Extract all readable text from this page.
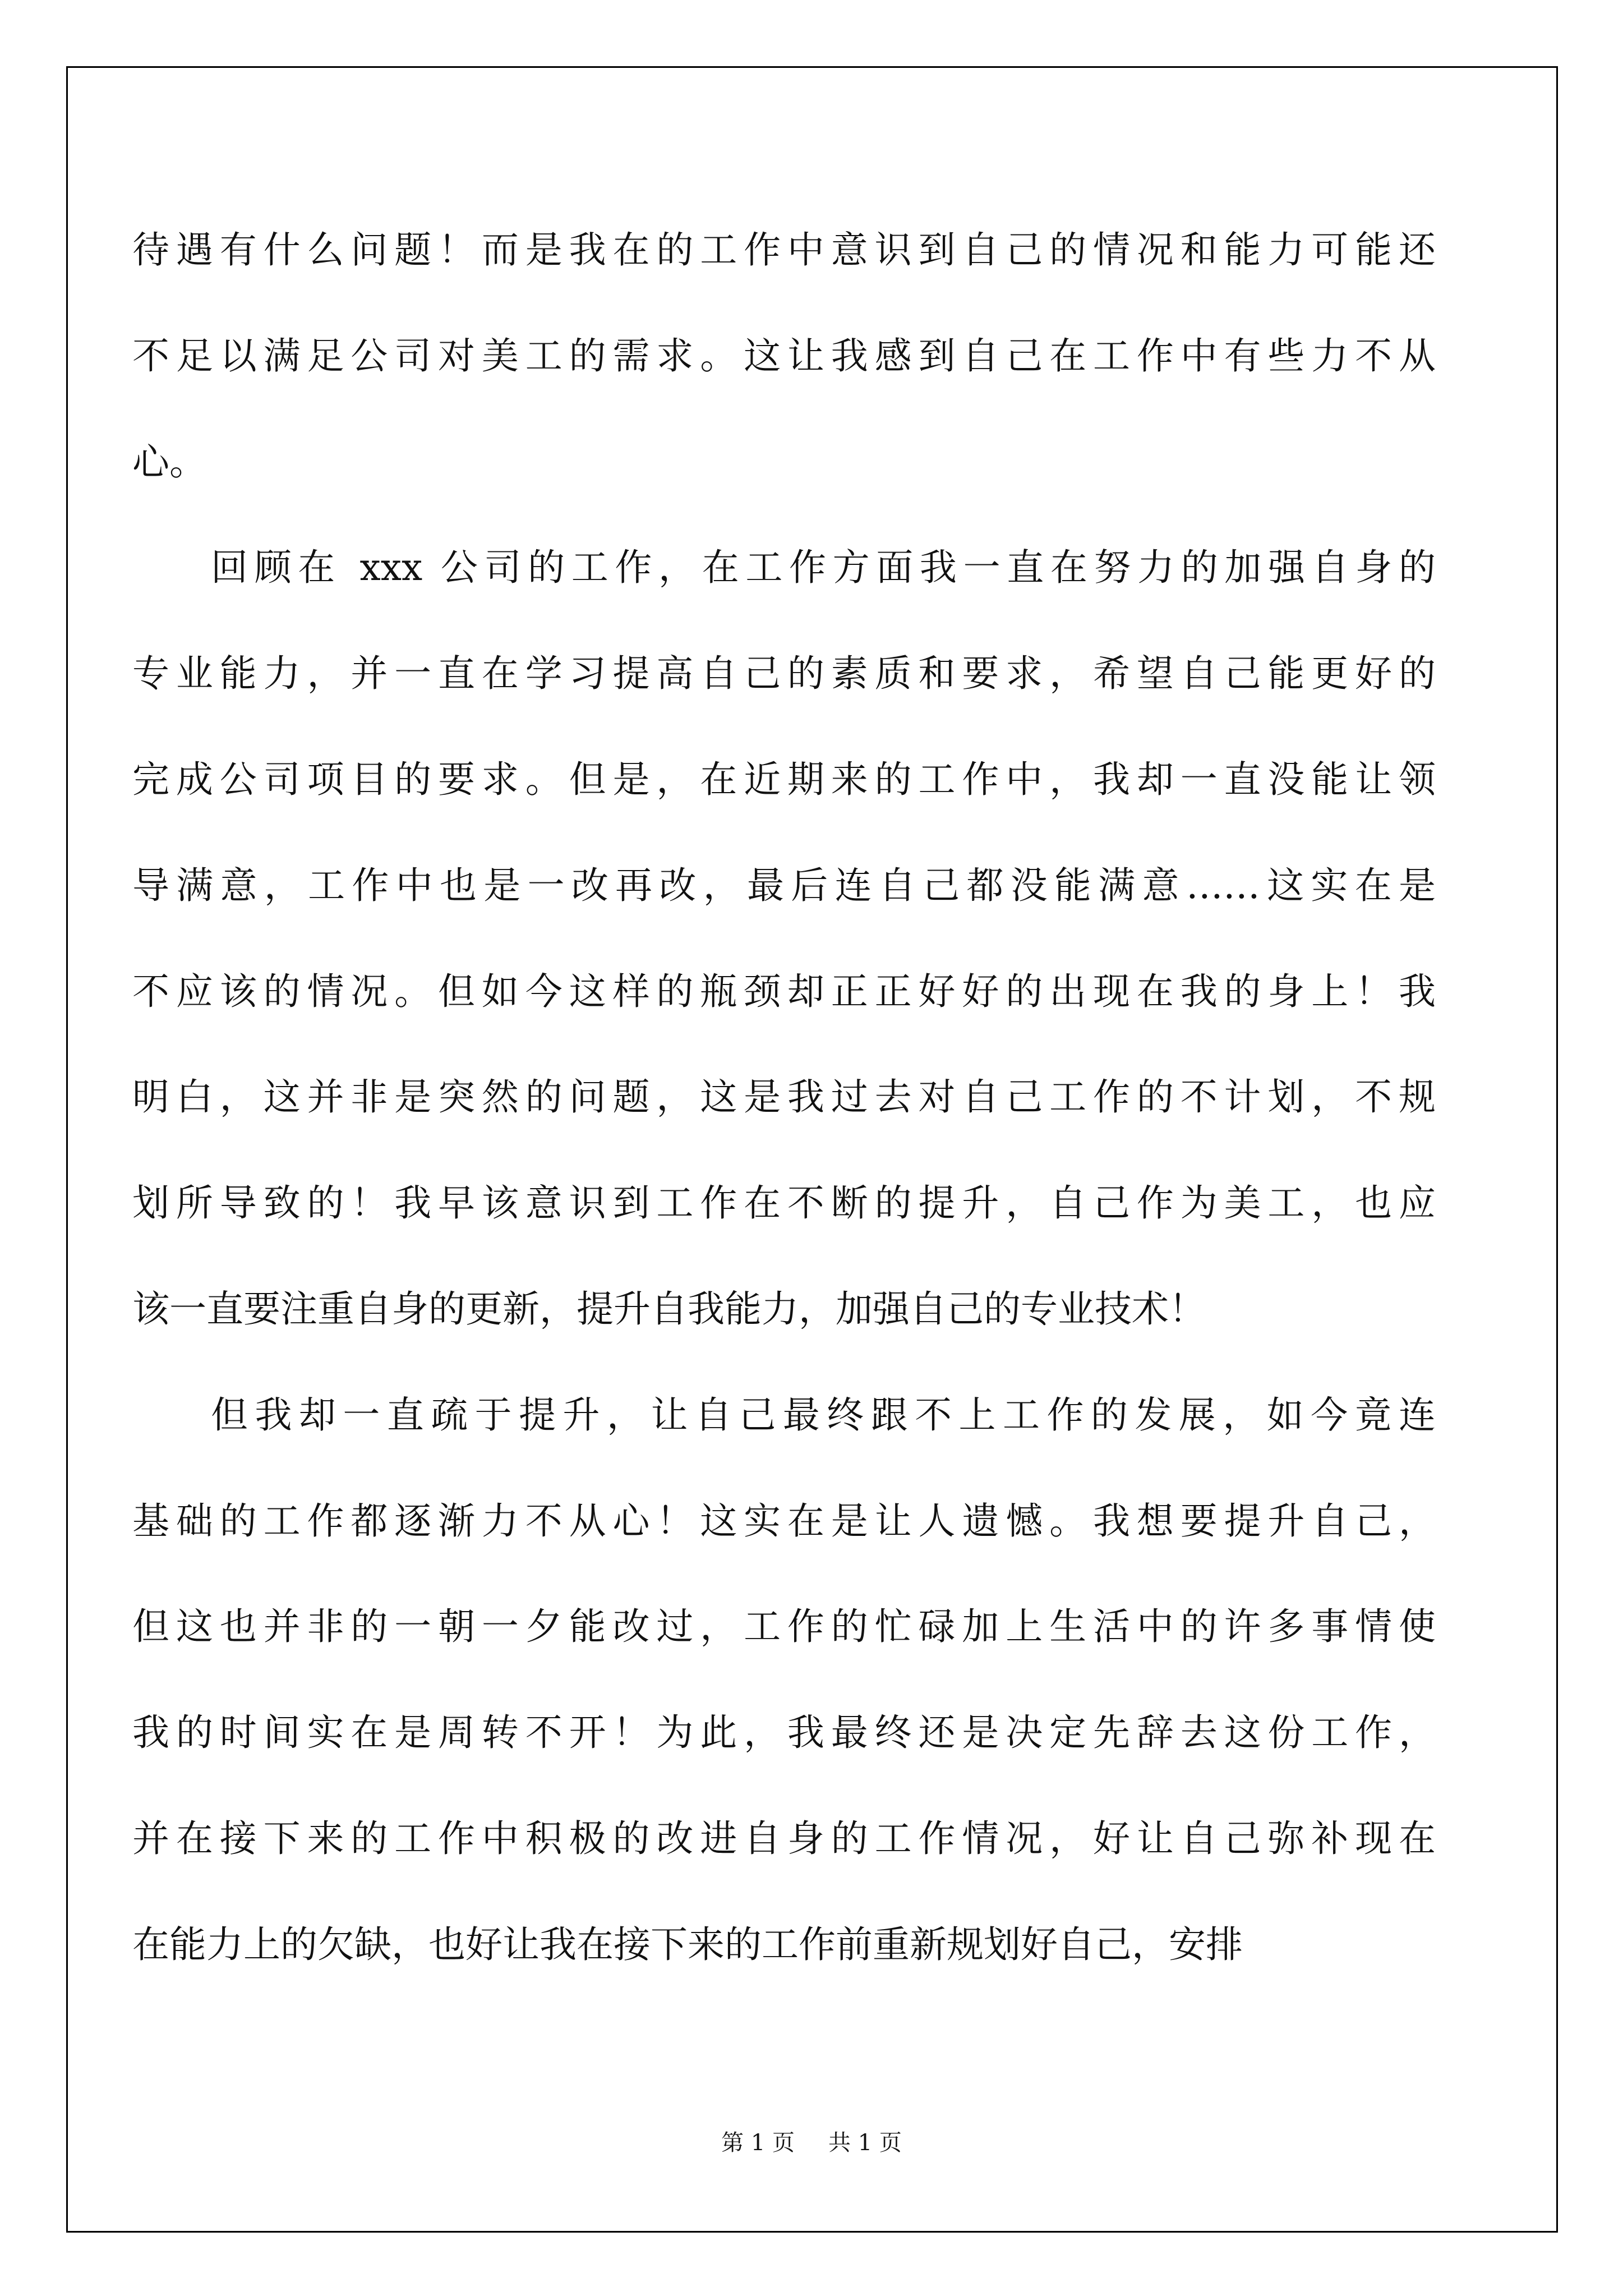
待遇有什么问题！而是我在的工作中意识到自己的情况和能力可能还
不足以满足公司对美工的需求。这让我感到自己在工作中有些力不从
心。
回顾在 xxx 公司的工作，在工作方面我一直在努力的加强自身的
专业能力，并一直在学习提高自己的素质和要求，希望自己能更好的
完成公司项目的要求。但是，在近期来的工作中，我却一直没能让领
导满意，工作中也是一改再改，最后连自己都没能满意……这实在是
不应该的情况。但如今这样的瓶颈却正正好好的出现在我的身上！我
明白，这并非是突然的问题，这是我过去对自己工作的不计划，不规
划所导致的！我早该意识到工作在不断的提升，自己作为美工，也应
该一直要注重自身的更新，提升自我能力，加强自己的专业技术！
但我却一直疏于提升，让自己最终跟不上工作的发展，如今竟连
基础的工作都逐渐力不从心！这实在是让人遗憾。我想要提升自己，
但这也并非的一朝一夕能改过，工作的忙碌加上生活中的许多事情使
我的时间实在是周转不开！为此，我最终还是决定先辞去这份工作，
并在接下来的工作中积极的改进自身的工作情况，好让自己弥补现在
在能力上的欠缺，也好让我在接下来的工作前重新规划好自己，安排
第 1 页 共 1 页
